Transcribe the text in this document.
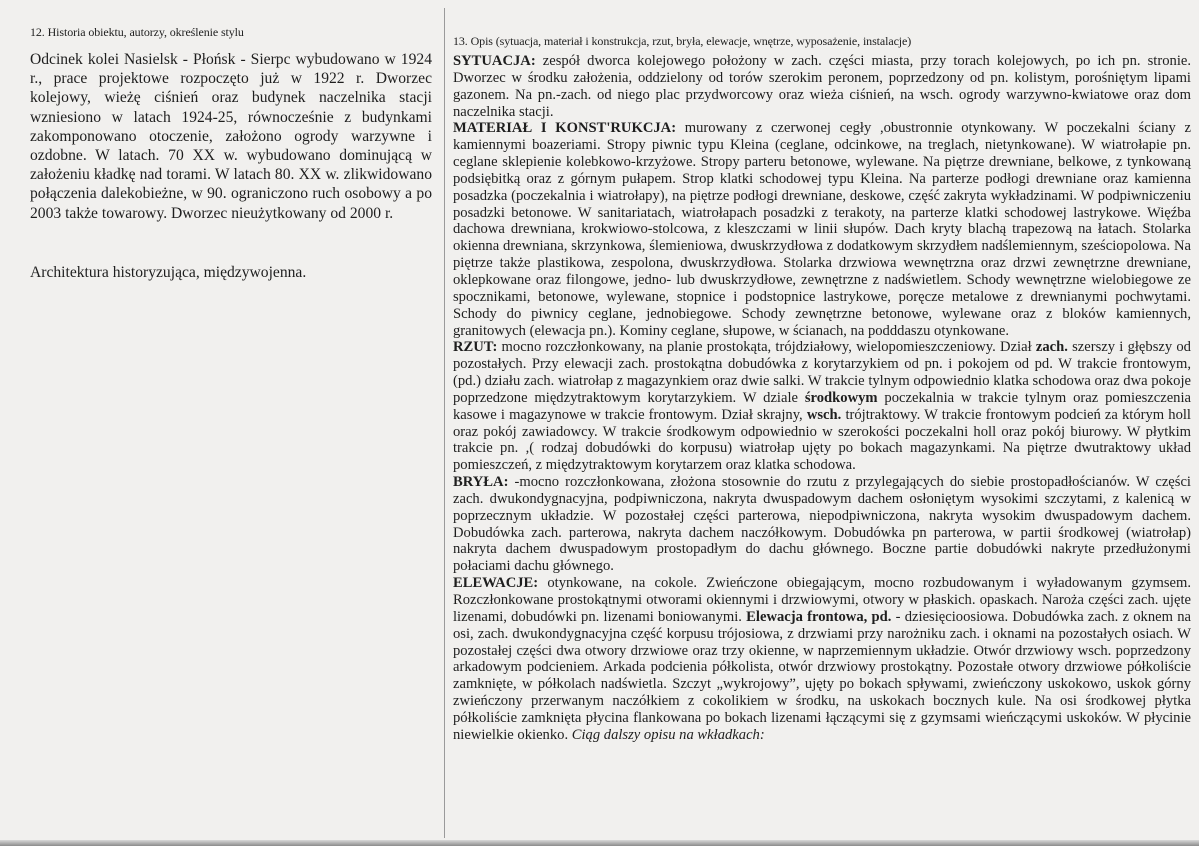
12. Historia obiektu, autorzy, określenie stylu
Odcinek kolei Nasielsk - Płońsk - Sierpc wybudowano w 1924 r., prace projektowe rozpoczęto już w 1922 r. Dworzec kolejowy, wieżę ciśnień oraz budynek naczelnika stacji wzniesiono w latach 1924-25, równocześnie z budynkami zakomponowano otoczenie, założono ogrody warzywne i ozdobne. W latach. 70 XX w. wybudowano dominującą w założeniu kładkę nad torami. W latach 80. XX w. zlikwidowano połączenia dalekobieżne, w 90. ograniczono ruch osobowy a po 2003 także towarowy. Dworzec nieużytkowany od 2000 r.
Architektura historyzująca, międzywojenna.
13. Opis (sytuacja, materiał i konstrukcja, rzut, bryła, elewacje, wnętrze, wyposażenie, instalacje)

SYTUACJA: zespół dworca kolejowego położony w zach. części miasta, przy torach kolejowych, po ich pn. stronie. Dworzec w środku założenia, oddzielony od torów szerokim peronem, poprzedzony od pn. kolistym, porośniętym lipami gazonem. Na pn.-zach. od niego plac przydworcowy oraz wieża ciśnień, na wsch. ogrody warzywno-kwiatowe oraz dom naczelnika stacji.

MATERIAŁ I KONST'RUKCJA: murowany z czerwonej cegły ,obustronnie otynkowany. W poczekalni ściany z kamiennymi boazeriami. Stropy piwnic typu Kleina (ceglane, odcinkowe, na treglach, nietynkowane). W wiatrołapie pn. ceglane sklepienie kolebkowo-krzyżowe. Stropy parteru betonowe, wylewane. Na piętrze drewniane, belkowe, z tynkowaną podsiębitką oraz z górnym pułapem. Strop klatki schodowej typu Kleina. Na parterze podłogi drewniane oraz kamienna posadzka (poczekalnia i wiatrołapy), na piętrze podłogi drewniane, deskowe, część zakryta wykładzinami. W podpiwniczeniu posadzki betonowe. W sanitariatach, wiatrołapach posadzki z terakoty, na parterze klatki schodowej lastrykowe. Więźba dachowa drewniana, krokwiowo-stolcowa, z kleszczami w linii słupów. Dach kryty blachą trapezową na łatach. Stolarka okienna drewniana, skrzynkowa, ślemieniowa, dwuskrzydłowa z dodatkowym skrzydłem nadślemiennym, sześciopolowa. Na piętrze także plastikowa, zespolona, dwuskrzydłowa. Stolarka drzwiowa wewnętrzna oraz drzwi zewnętrzne drewniane, oklepkowane oraz filongowe, jedno- lub dwuskrzydłowe, zewnętrzne z nadświetlem. Schody wewnętrzne wielobiegowe ze spocznikami, betonowe, wylewane, stopnice i podstopnice lastrykowe, poręcze metalowe z drewnianymi pochwytami. Schody do piwnicy ceglane, jednobiegowe. Schody zewnętrzne betonowe, wylewane oraz z bloków kamiennych, granitowych (elewacja pn.). Kominy ceglane, słupowe, w ścianach, na podddaszu otynkowane.

RZUT: mocno rozczłonkowany, na planie prostokąta, trójdziałowy, wielopomieszczeniowy. Dział zach. szerszy i głębszy od pozostałych. Przy elewacji zach. prostokątna dobudówka z korytarzykiem od pn. i pokojem od pd. W trakcie frontowym, (pd.) działu zach. wiatrołap z magazynkiem oraz dwie salki. W trakcie tylnym odpowiednio klatka schodowa oraz dwa pokoje poprzedzone międzytraktowym korytarzykiem. W dziale środkowym poczekalnia w trakcie tylnym oraz pomieszczenia kasowe i magazynowe w trakcie frontowym. Dział skrajny, wsch. trójtraktowy. W trakcie frontowym podcień za którym holl oraz pokój zawiadowcy. W trakcie środkowym odpowiednio w szerokości poczekalni holl oraz pokój biurowy. W płytkim trakcie pn. ,( rodzaj dobudówki do korpusu) wiatrołap ujęty po bokach magazynkami. Na piętrze dwutraktowy układ pomieszczeń, z międzytraktowym korytarzem oraz klatka schodowa.

BRYŁA: -mocno rozczłonkowana, złożona stosownie do rzutu z przylegających do siebie prostopadłościanów. W części zach. dwukondygnacyjna, podpiwniczona, nakryta dwuspadowym dachem osłoniętym wysokimi szczytami, z kalenicą w poprzecznym układzie. W pozostałej części parterowa, niepodpiwniczona, nakryta wysokim dwuspadowym dachem. Dobudówka zach. parterowa, nakryta dachem naczółkowym. Dobudówka pn parterowa, w partii środkowej (wiatrołap) nakryta dachem dwuspadowym prostopadłym do dachu głównego. Boczne partie dobudówki nakryte przedłużonymi połaciami dachu głównego.

ELEWACJE: otynkowane, na cokole. Zwieńczone obiegającym, mocno rozbudowanym i wyładowanym gzymsem. Rozczłonkowane prostokątnymi otworami okiennymi i drzwiowymi, otwory w płaskich. opaskach. Naroża części zach. ujęte lizenami, dobudówki pn. lizenami boniowanymi. Elewacja frontowa, pd. - dziesięcioosiowa. Dobudówka zach. z oknem na osi, zach. dwukondygnacyjna część korpusu trójosiowa, z drzwiami przy narożniku zach. i oknami na pozostałych osiach. W pozostałej części dwa otwory drzwiowe oraz trzy okienne, w naprzemiennym układzie. Otwór drzwiowy wsch. poprzedzony arkadowym podcieniem. Arkada podcienia półkolista, otwór drzwiowy prostokątny. Pozostałe otwory drzwiowe półkoliście zamknięte, w półkolach nadświetla. Szczyt „wykrojowy”, ujęty po bokach spływami, zwieńczony uskokowo, uskok górny zwieńczony przerwanym naczółkiem z cokolikiem w środku, na uskokach bocznych kule. Na osi środkowej płytka półkoliście zamknięta płycina flankowana po bokach lizenami łączącymi się z gzymsami wieńczącymi uskoków. W płycinie niewielkie okienko. Ciąg dalszy opisu na wkładkach:
